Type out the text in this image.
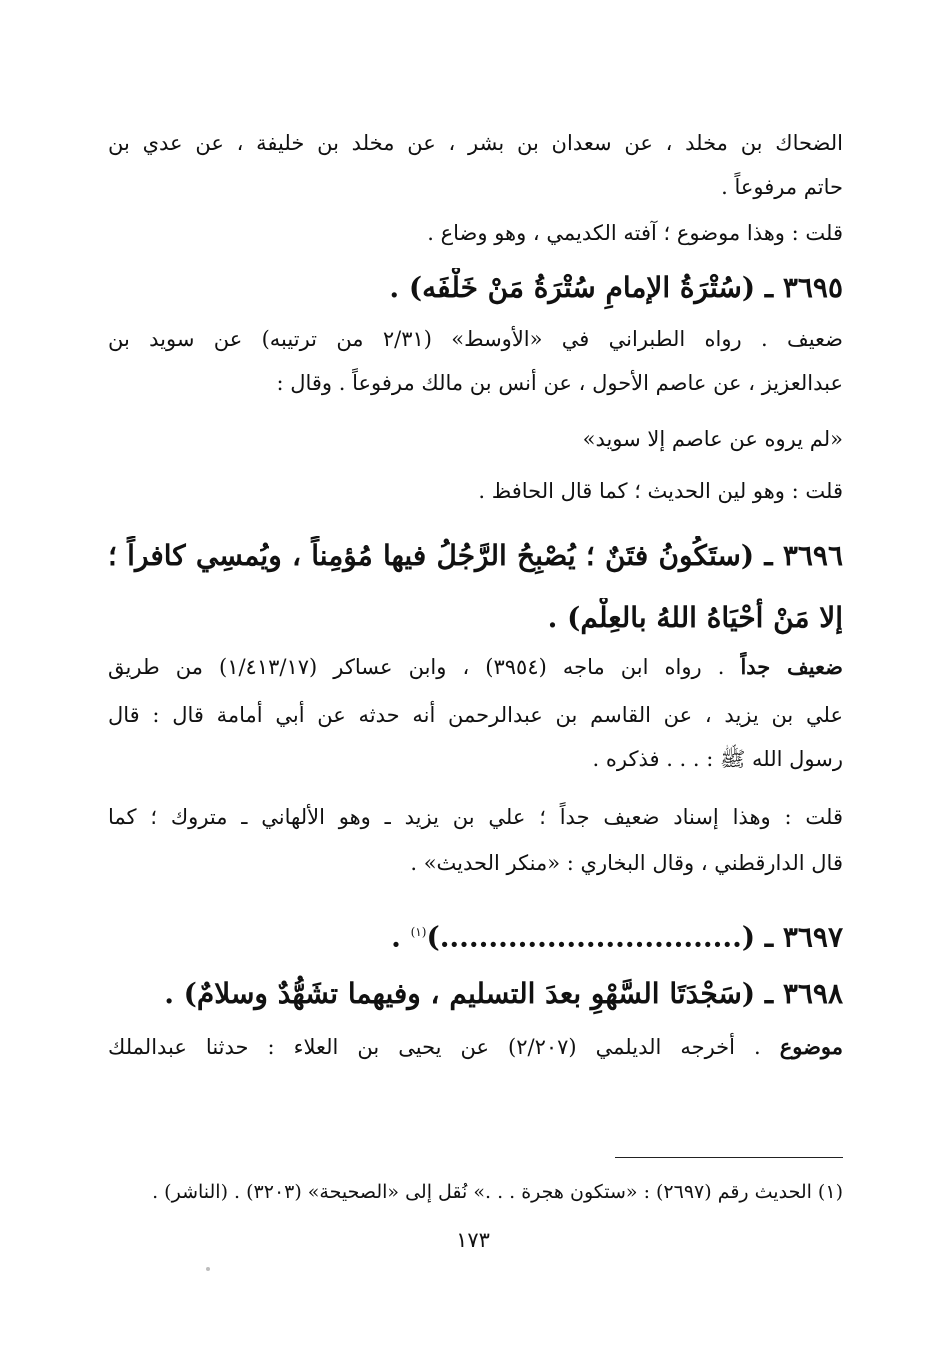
الضحاك بن مخلد ، عن سعدان بن بشر ، عن مخلد بن خليفة ، عن عدي بن
حاتم مرفوعاً .
قلت : وهذا موضوع ؛ آفته الكديمي ، وهو وضاع .
٣٦٩٥ ـ (سُتْرَةُ الإمامِ سُتْرَةُ مَنْ خَلْفَه) .
ضعيف . رواه الطبراني في «الأوسط» (٢/٣١ من ترتيبه) عن سويد بن
عبدالعزيز ، عن عاصم الأحول ، عن أنس بن مالك مرفوعاً . وقال :
«لم يروه عن عاصم إلا سويد»
قلت : وهو لين الحديث ؛ كما قال الحافظ .
٣٦٩٦ ـ (ستَكُونُ فتَنٌ ؛ يُصْبِحُ الرَّجُلُ فيها مُؤمِناً ، ويُمسِي كافراً ؛
إلا مَنْ أحْيَاهُ اللهُ بالعِلْم) .
ضعيف جداً . رواه ابن ماجه (٣٩٥٤) ، وابن عساكر (١/٤١٣/١٧) من طريق
علي بن يزيد ، عن القاسم بن عبدالرحمن أنه حدثه عن أبي أمامة قال : قال
رسول الله ﷺ : . . . فذكره .
قلت : وهذا إسناد ضعيف جداً ؛ علي بن يزيد ـ وهو الألهاني ـ متروك ؛ كما
قال الدارقطني ، وقال البخاري : «منكر الحديث» .
٣٦٩٧ ـ (...............................)$^{(١)}$ .
٣٦٩٨ ـ (سَجْدَتَا السَّهْوِ بعدَ التسليم ، وفيهما تشَهُّدٌ وسلامٌ) .
موضوع . أخرجه الديلمي (٢/٢٠٧) عن يحيى بن العلاء : حدثنا عبدالملك
(١) الحديث رقم (٢٦٩٧) : «ستكون هجرة . . .» نُقل إلى «الصحيحة» (٣٢٠٣) . (الناشر) .
١٧٣
